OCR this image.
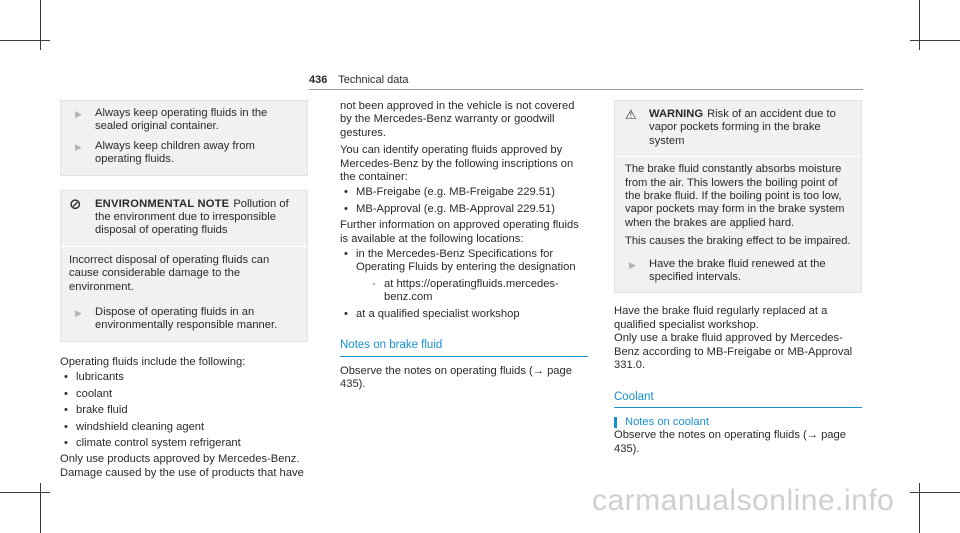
436 Technical data
▶	Always keep operating fluids in the sealed original container.
▶	Always keep children away from operating fluids.
⊘	ENVIRONMENTAL NOTE Pollution of the environment due to irresponsible disposal of operating fluids
Incorrect disposal of operating fluids can cause considerable damage to the environment.
▶	Dispose of operating fluids in an environmentally responsible manner.

Operating fluids include the following:

• lubricants
• coolant
• brake fluid
• windshield cleaning agent
• climate control system refrigerant

Only use products approved by Mercedes-Benz. Damage caused by the use of products that have

not been approved in the vehicle is not covered by the Mercedes-Benz warranty or goodwill gestures.

You can identify operating fluids approved by Mercedes-Benz by the following inscriptions on the container:

• MB-Freigabe (e.g. MB-Freigabe 229.51)
• MB-Approval (e.g. MB-Approval 229.51)

Further information on approved operating fluids is available at the following locations:

• in the Mercedes-Benz Specifications for Operating Fluids by entering the designation
- at https://operatingfluids.mercedes-benz.com
• at a qualified specialist workshop
Notes on brake fluid

Observe the notes on operating fluids (→ page 435).

⚠	WARNING Risk of an accident due to vapor pockets forming in the brake system

The brake fluid constantly absorbs moisture from the air. This lowers the boiling point of the brake fluid. If the boiling point is too low, vapor pockets may form in the brake system when the brakes are applied hard.

This causes the braking effect to be impaired.

▶	Have the brake fluid renewed at the specified intervals.

Have the brake fluid regularly replaced at a qualified specialist workshop.

Only use a brake fluid approved by Mercedes-Benz according to MB-Freigabe or MB-Approval 331.0.

Coolant
Notes on coolant

Observe the notes on operating fluids (→ page 435).

carmanualsonline.info
